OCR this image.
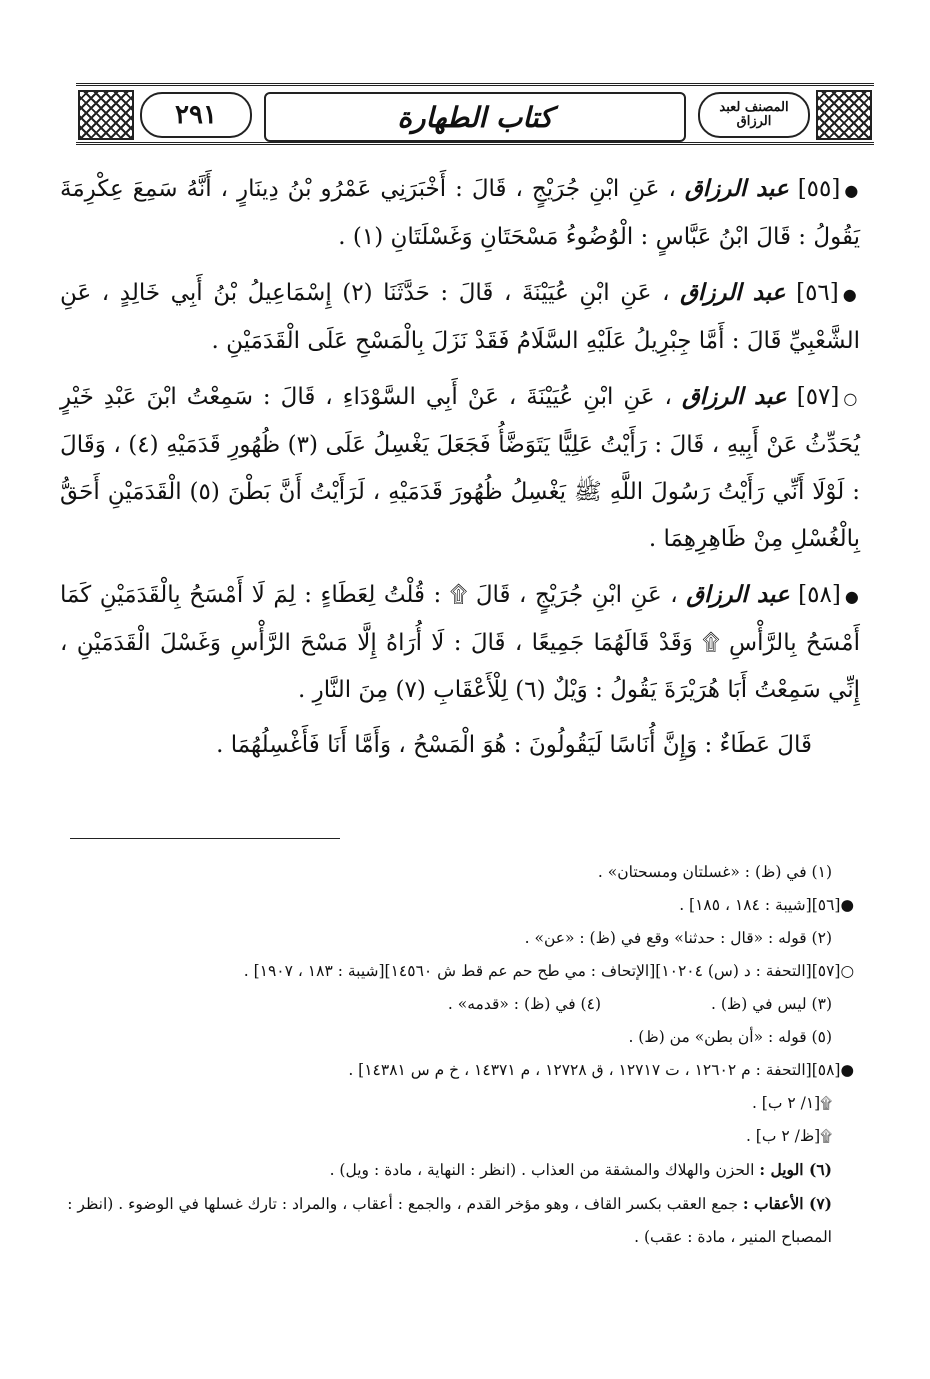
٢٩١	كتاب الطهارة	المصنف لعبد الرزاق

●[٥٥] عبد الرزاق ، عَنِ ابْنِ جُرَيْجٍ ، قَالَ : أَخْبَرَنِي عَمْرُو بْنُ دِينَارٍ ، أَنَّهُ سَمِعَ عِكْرِمَةَ يَقُولُ : قَالَ ابْنُ عَبَّاسٍ : الْوُضُوءُ مَسْحَتَانِ وَغَسْلَتَانِ (١) .

●[٥٦] عبد الرزاق ، عَنِ ابْنِ عُيَيْنَةَ ، قَالَ : حَدَّثَنَا (٢) إِسْمَاعِيلُ بْنُ أَبِي خَالِدٍ ، عَنِ الشَّعْبِيِّ قَالَ : أَمَّا جِبْرِيلُ عَلَيْهِ السَّلَامُ فَقَدْ نَزَلَ بِالْمَسْحِ عَلَى الْقَدَمَيْنِ .

○[٥٧] عبد الرزاق ، عَنِ ابْنِ عُيَيْنَةَ ، عَنْ أَبِي السَّوْدَاءِ ، قَالَ : سَمِعْتُ ابْنَ عَبْدِ خَيْرٍ يُحَدِّثُ عَنْ أَبِيهِ ، قَالَ : رَأَيْتُ عَلِيًّا يَتَوَضَّأُ فَجَعَلَ يَغْسِلُ عَلَى (٣) ظُهُورِ قَدَمَيْهِ (٤) ، وَقَالَ : لَوْلَا أَنِّي رَأَيْتُ رَسُولَ اللَّهِ ﷺ يَغْسِلُ ظُهُورَ قَدَمَيْهِ ، لَرَأَيْتُ أَنَّ بَطْنَ (٥) الْقَدَمَيْنِ أَحَقُّ بِالْغُسْلِ مِنْ ظَاهِرِهِمَا .

●[٥٨] عبد الرزاق ، عَنِ ابْنِ جُرَيْجٍ ، قَالَ ۩ : قُلْتُ لِعَطَاءٍ : لِمَ لَا أَمْسَحُ بِالْقَدَمَيْنِ كَمَا أَمْسَحُ بِالرَّأْسِ ۩ وَقَدْ قَالَهُمَا جَمِيعًا ، قَالَ : لَا أُرَاهُ إِلَّا مَسْحَ الرَّأْسِ وَغَسْلَ الْقَدَمَيْنِ ، إِنِّي سَمِعْتُ أَبَا هُرَيْرَةَ يَقُولُ : وَيْلٌ (٦) لِلْأَعْقَابِ (٧) مِنَ النَّارِ .

قَالَ عَطَاءٌ : وَإِنَّ أُنَاسًا لَيَقُولُونَ : هُوَ الْمَسْحُ ، وَأَمَّا أَنَا فَأَغْسِلُهُمَا .

(١) في (ظ) : «غسلتان ومسحتان» .

●[٥٦][شيبة : ١٨٤ ، ١٨٥] .

(٢) قوله : «قال : حدثنا» وقع في (ظ) : «عن» .

○[٥٧][التحفة : د (س) ١٠٢٠٤][الإتحاف : مي طح حم عم قط ش ١٤٥٦٠][شيبة : ١٨٣ ، ١٩٠٧] .

(٣) ليس في (ظ) .
(٤) في (ظ) : «قدمه» .

(٥) قوله : «أن بطن» من (ظ) .

●[٥٨][التحفة : م ١٢٦٠٢ ، ت ١٢٧١٧ ، ق ١٢٧٢٨ ، م ١٤٣٧١ ، خ م س ١٤٣٨١] .

۩[١/ ٢ ب] .

۩[ظ/ ٢ ب] .

(٦) الويل : الحزن والهلاك والمشقة من العذاب . (انظر : النهاية ، مادة : ويل) .

(٧) الأعقاب : جمع العقب بكسر القاف ، وهو مؤخر القدم ، والجمع : أعقاب ، والمراد : تارك غسلها في الوضوء . (انظر : المصباح المنير ، مادة : عقب) .
